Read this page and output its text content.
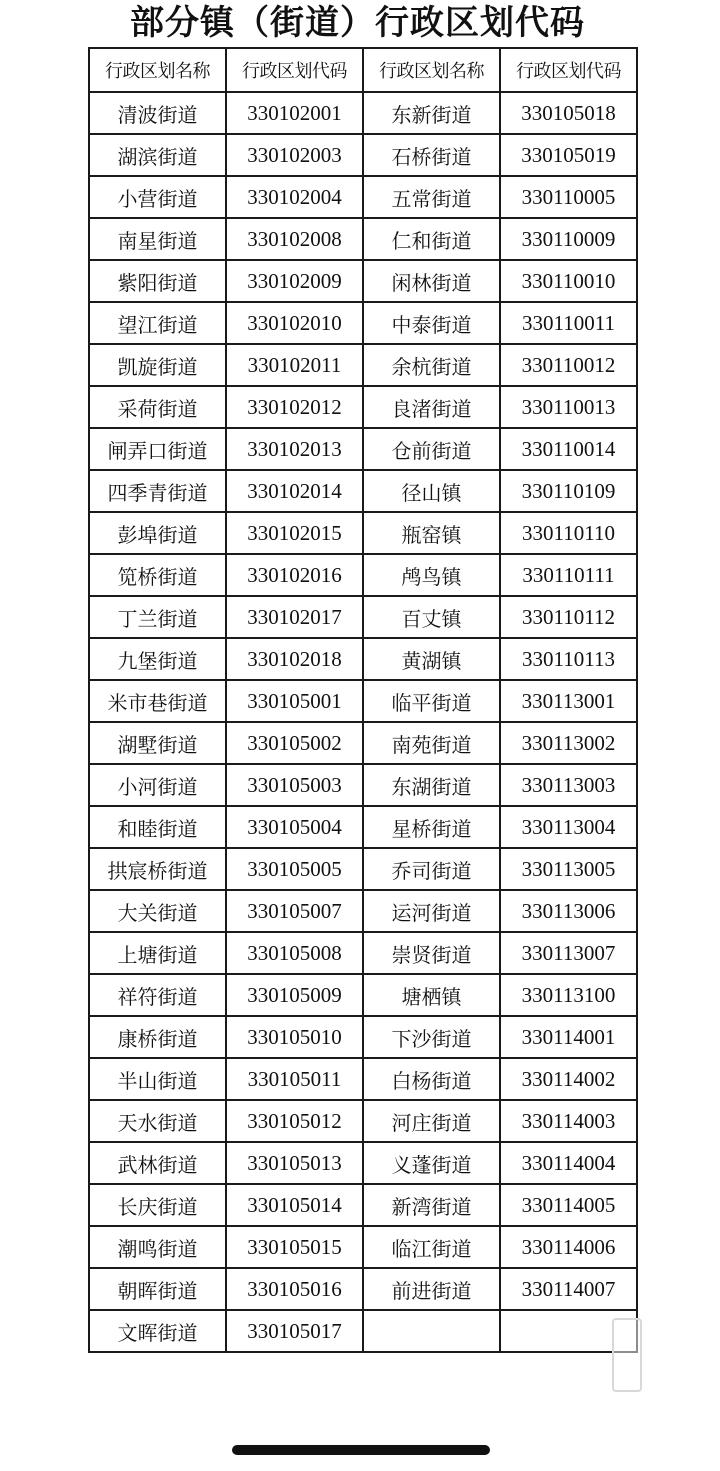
部分镇（街道）行政区划代码
行政区划名称	行政区划代码	行政区划名称	行政区划代码
清波街道	330102001	东新街道	330105018
湖滨街道	330102003	石桥街道	330105019
小营街道	330102004	五常街道	330110005
南星街道	330102008	仁和街道	330110009
紫阳街道	330102009	闲林街道	330110010
望江街道	330102010	中泰街道	330110011
凯旋街道	330102011	余杭街道	330110012
采荷街道	330102012	良渚街道	330110013
闸弄口街道	330102013	仓前街道	330110014
四季青街道	330102014	径山镇	330110109
彭埠街道	330102015	瓶窑镇	330110110
笕桥街道	330102016	鸬鸟镇	330110111
丁兰街道	330102017	百丈镇	330110112
九堡街道	330102018	黄湖镇	330110113
米市巷街道	330105001	临平街道	330113001
湖墅街道	330105002	南苑街道	330113002
小河街道	330105003	东湖街道	330113003
和睦街道	330105004	星桥街道	330113004
拱宸桥街道	330105005	乔司街道	330113005
大关街道	330105007	运河街道	330113006
上塘街道	330105008	崇贤街道	330113007
祥符街道	330105009	塘栖镇	330113100
康桥街道	330105010	下沙街道	330114001
半山街道	330105011	白杨街道	330114002
天水街道	330105012	河庄街道	330114003
武林街道	330105013	义蓬街道	330114004
长庆街道	330105014	新湾街道	330114005
潮鸣街道	330105015	临江街道	330114006
朝晖街道	330105016	前进街道	330114007
文晖街道	330105017		
